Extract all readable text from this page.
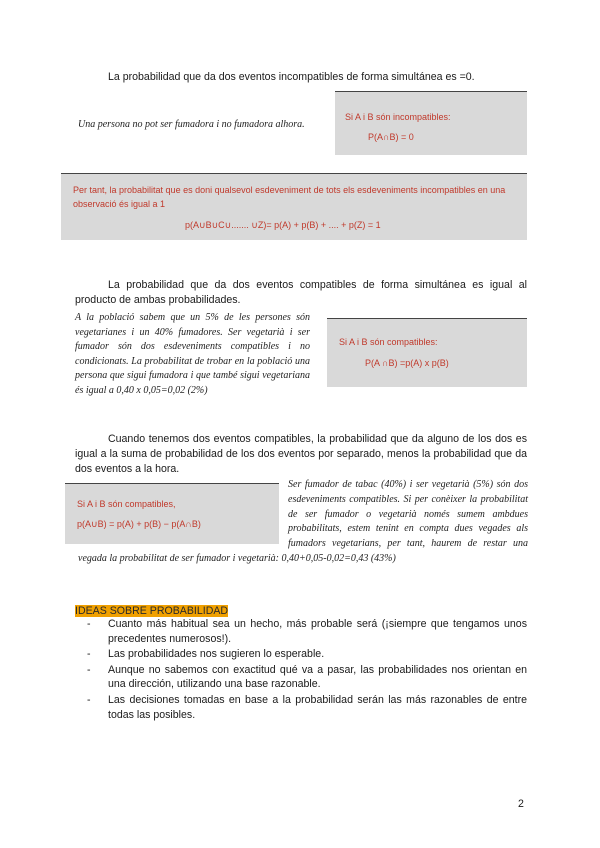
La probabilidad que da dos eventos incompatibles de forma simultánea es =0.
Una persona no pot ser fumadora i no fumadora alhora.
Si A i B són incompatibles:
P(A∩B) = 0
Per tant, la probabilitat que es doni qualsevol esdeveniment de tots els esdeveniments incompatibles en una observació és igual a 1
p(A∪B∪C∪....... ∪Z)= p(A) + p(B) + .... + p(Z) = 1
La probabilidad que da dos eventos compatibles de forma simultánea es igual al producto de ambas probabilidades.
A la població sabem que un 5% de les persones són vegetarianes i un 40% fumadores. Ser vegetarià i ser fumador són dos esdeveniments compatibles i no condicionats. La probabilitat de trobar en la població una persona que sigui fumadora i que també sigui vegetariana és igual a 0,40 x 0,05=0,02 (2%)
Si A i B són compatibles:
P(A ∩B) =p(A) x p(B)
Cuando tenemos dos eventos compatibles, la probabilidad que da alguno de los dos es igual a la suma de probabilidad de los dos eventos por separado, menos la probabilidad que da dos eventos a la hora.
Si A i B són compatibles,
p(A∪B) = p(A) + p(B) − p(A∩B)
Ser fumador de tabac (40%) i ser vegetarià (5%) són dos esdeveniments compatibles. Si per conèixer la probabilitat de ser fumador o vegetarià només sumem ambdues probabilitats, estem tenint en compta dues vegades als fumadors vegetarians, per tant, haurem de restar una vegada la probabilitat de ser fumador i vegetarià: 0,40+0,05-0,02=0,43 (43%)
IDEAS SOBRE PROBABILIDAD
- Cuanto más habitual sea un hecho, más probable será (¡siempre que tengamos unos precedentes numerosos!).
- Las probabilidades nos sugieren lo esperable.
- Aunque no sabemos con exactitud qué va a pasar, las probabilidades nos orientan en una dirección, utilizando una base razonable.
- Las decisiones tomadas en base a la probabilidad serán las más razonables de entre todas las posibles.
2
